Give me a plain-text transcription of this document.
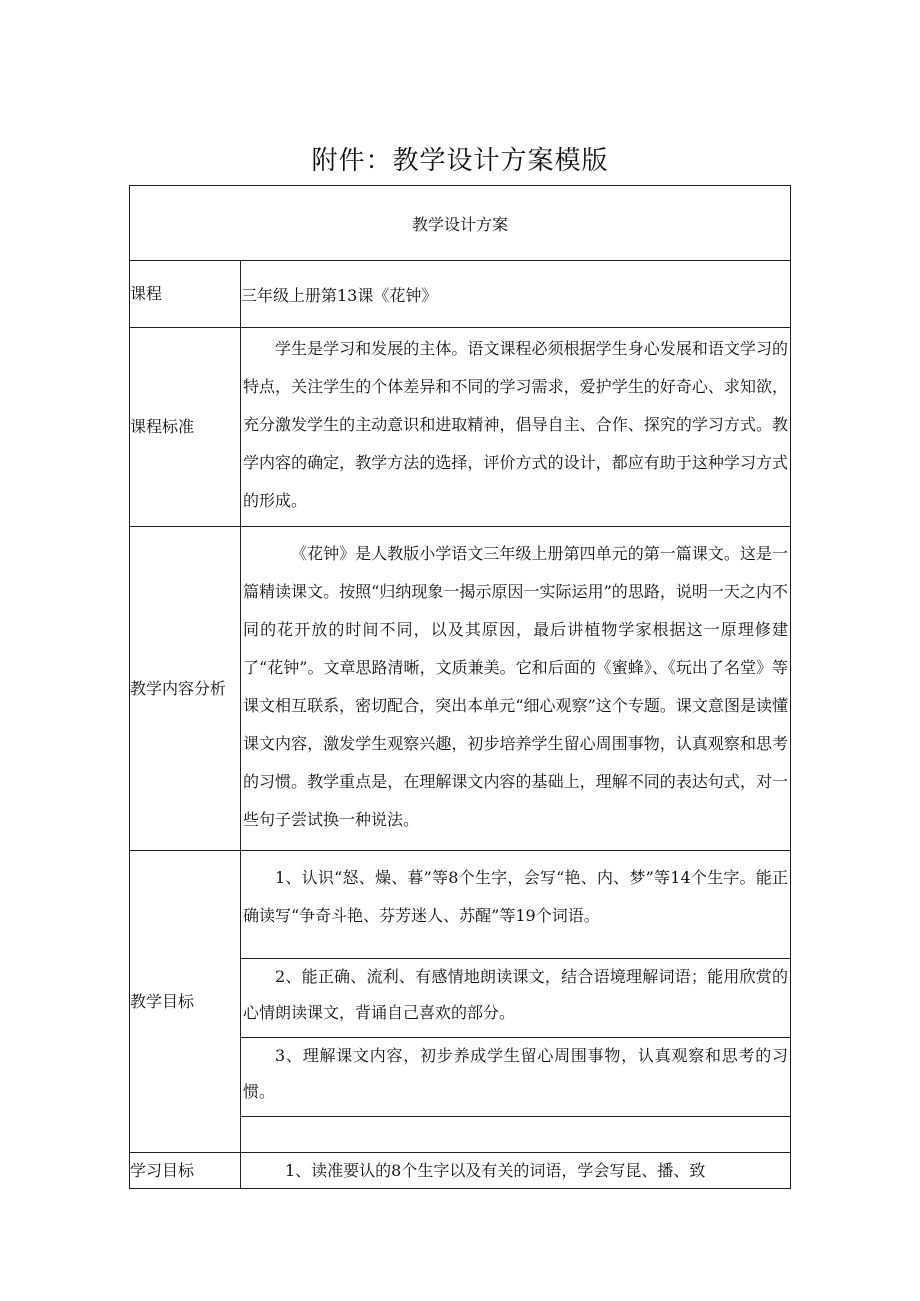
附件：教学设计方案模版
教学设计方案	
课程	三年级上册第13课《花钟》
课程标准	学生是学习和发展的主体。语文课程必须根据学生身心发展和语文学习的特点，关注学生的个体差异和不同的学习需求，爱护学生的好奇心、求知欲，充分激发学生的主动意识和进取精神，倡导自主、合作、探究的学习方式。教学内容的确定，教学方法的选择，评价方式的设计，都应有助于这种学习方式的形成。

教学内容分析	《花钟》是人教版小学语文三年级上册第四单元的第一篇课文。这是一篇精读课文。按照“归纳现象一揭示原因一实际运用”的思路，说明一天之内不同的花开放的时间不同，以及其原因，最后讲植物学家根据这一原理修建了“花钟”。文章思路清晰，文质兼美。它和后面的《蜜蜂》、《玩出了名堂》等课文相互联系，密切配合，突出本单元“细心观察”这个专题。课文意图是读懂课文内容，激发学生观察兴趣，初步培养学生留心周围事物，认真观察和思考的习惯。教学重点是，在理解课文内容的基础上，理解不同的表达句式，对一些句子尝试换一种说法。

教学目标	1、认识“怒、燥、暮”等8个生字，会写“艳、内、梦”等14个生字。能正确读写“争奇斗艳、芬芳迷人、苏醒”等19个词语。

	2、能正确、流利、有感情地朗读课文，结合语境理解词语；能用欣赏的心情朗读课文，背诵自己喜欢的部分。

	3、理解课文内容，初步养成学生留心周围事物，认真观察和思考的习惯。

学习目标	1、读准要认的8个生字以及有关的词语，学会写昆、播、致
